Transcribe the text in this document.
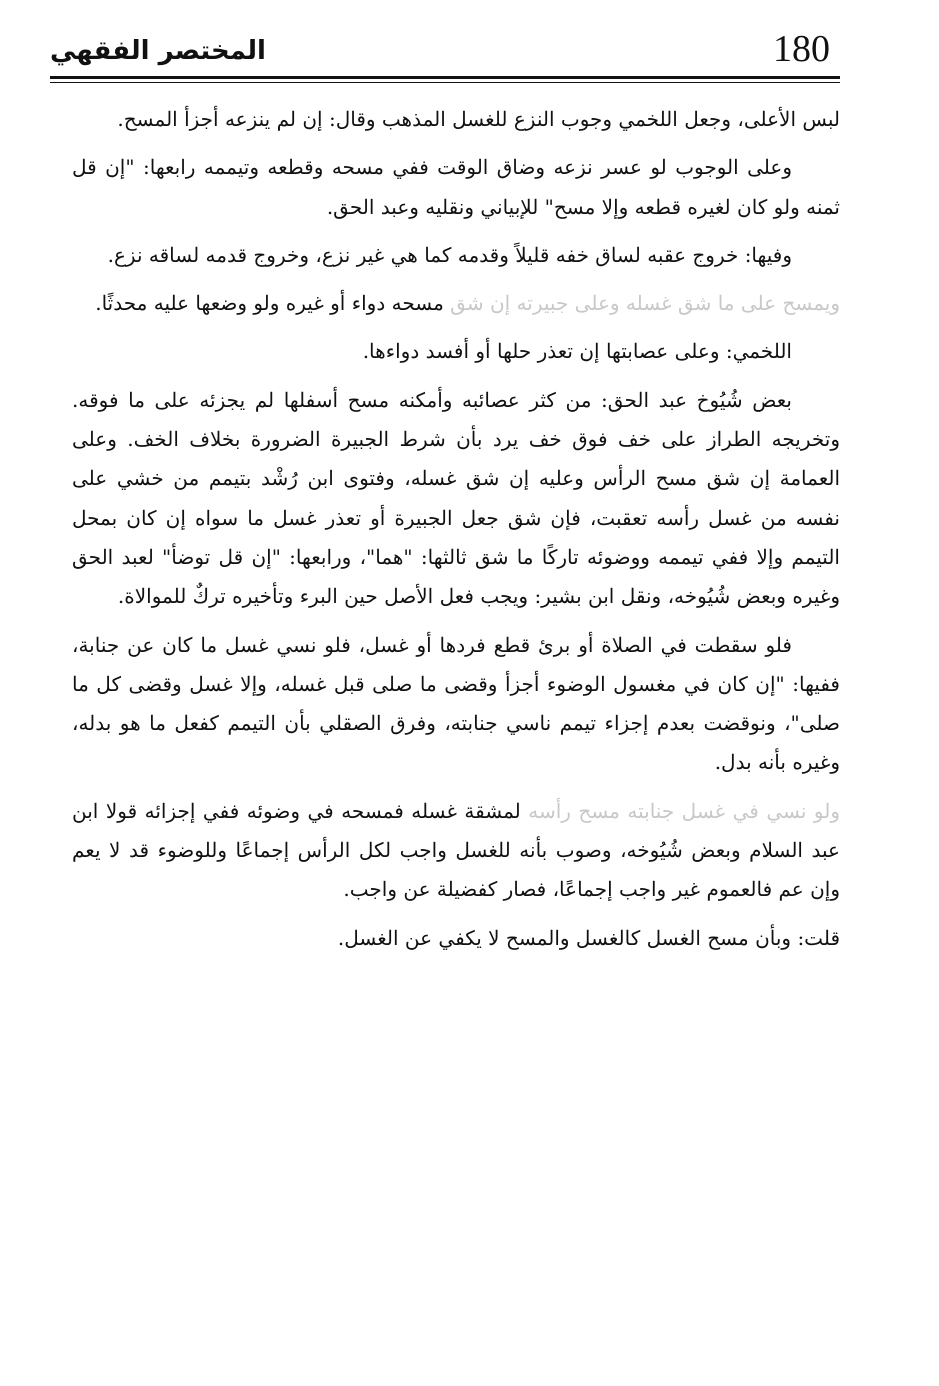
180
المختصر الفقهي

لبس الأعلى، وجعل اللخمي وجوب النزع للغسل المذهب وقال: إن لم ينزعه أجزأ المسح.

وعلى الوجوب لو عسر نزعه وضاق الوقت ففي مسحه وقطعه وتيممه رابعها: "إن قل ثمنه ولو كان لغيره قطعه وإلا مسح" للإبياني ونقليه وعبد الحق.

وفيها: خروج عقبه لساق خفه قليلاً وقدمه كما هي غير نزع، وخروج قدمه لساقه نزع.

ويمسح على ما شق غسله وعلى جبيرته إن شق مسحه دواء أو غيره ولو وضعها عليه محدثًا.

اللخمي: وعلى عصابتها إن تعذر حلها أو أفسد دواءها.

بعض شُيُوخ عبد الحق: من كثر عصائبه وأمكنه مسح أسفلها لم يجزئه على ما فوقه. وتخريجه الطراز على خف فوق خف يرد بأن شرط الجبيرة الضرورة بخلاف الخف. وعلى العمامة إن شق مسح الرأس وعليه إن شق غسله، وفتوى ابن رُشْد بتيمم من خشي على نفسه من غسل رأسه تعقبت، فإن شق جعل الجبيرة أو تعذر غسل ما سواه إن كان بمحل التيمم وإلا ففي تيممه ووضوئه تاركًا ما شق ثالثها: "هما"، ورابعها: "إن قل توضأ" لعبد الحق وغيره وبعض شُيُوخه، ونقل ابن بشير: ويجب فعل الأصل حين البرء وتأخيره تركٌ للموالاة.

فلو سقطت في الصلاة أو برئ قطع فردها أو غسل، فلو نسي غسل ما كان عن جنابة، ففيها: "إن كان في مغسول الوضوء أجزأ وقضى ما صلى قبل غسله، وإلا غسل وقضى كل ما صلى"، ونوقضت بعدم إجزاء تيمم ناسي جنابته، وفرق الصقلي بأن التيمم كفعل ما هو بدله، وغيره بأنه بدل.

ولو نسي في غسل جنابته مسح رأسه لمشقة غسله فمسحه في وضوئه ففي إجزائه قولا ابن عبد السلام وبعض شُيُوخه، وصوب بأنه للغسل واجب لكل الرأس إجماعًا وللوضوء قد لا يعم وإن عم فالعموم غير واجب إجماعًا، فصار كفضيلة عن واجب.

قلت: وبأن مسح الغسل كالغسل والمسح لا يكفي عن الغسل.
